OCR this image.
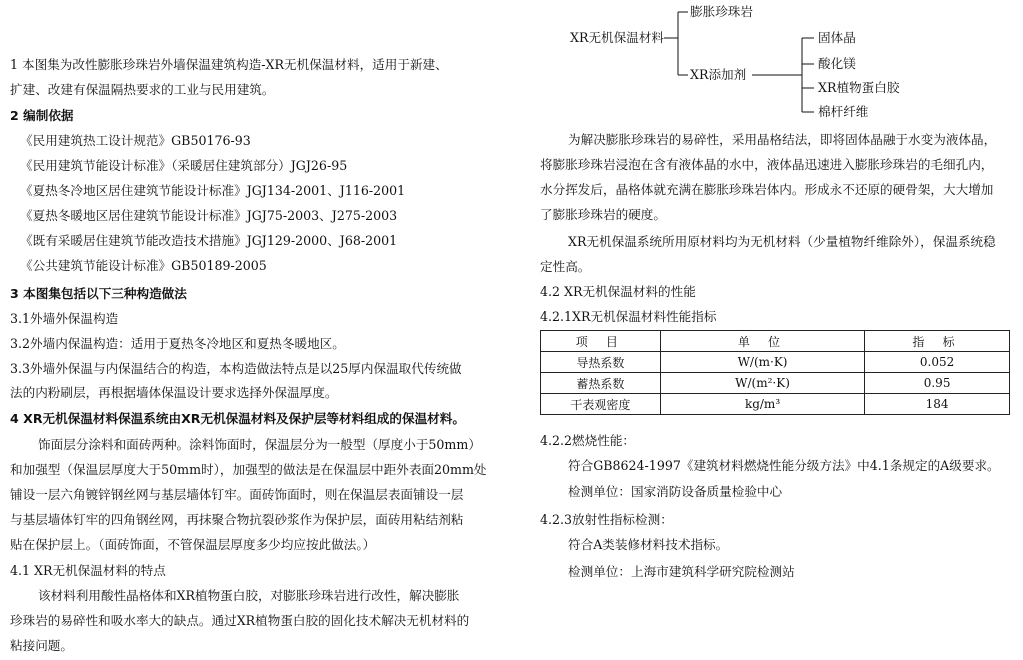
1 本图集为改性膨胀珍珠岩外墙保温建筑构造-XR无机保温材料，适用于新建、
扩建、改建有保温隔热要求的工业与民用建筑。
2 编制依据
《民用建筑热工设计规范》GB50176-93
《民用建筑节能设计标准》（采暖居住建筑部分）JGJ26-95
《夏热冬冷地区居住建筑节能设计标准》JGJ134-2001、J116-2001
《夏热冬暖地区居住建筑节能设计标准》JGJ75-2003、J275-2003
《既有采暖居住建筑节能改造技术措施》JGJ129-2000、J68-2001
《公共建筑节能设计标准》GB50189-2005
3 本图集包括以下三种构造做法
3.1外墙外保温构造
3.2外墙内保温构造：适用于夏热冬冷地区和夏热冬暖地区。
3.3外墙外保温与内保温结合的构造，本构造做法特点是以25厚内保温取代传统做
法的内粉刷层，再根据墙体保温设计要求选择外保温厚度。
4 XR无机保温材料保温系统由XR无机保温材料及保护层等材料组成的保温材料。
饰面层分涂料和面砖两种。涂料饰面时，保温层分为一般型（厚度小于50mm）
和加强型（保温层厚度大于50mm时），加强型的做法是在保温层中距外表面20mm处
铺设一层六角镀锌钢丝网与基层墙体钉牢。面砖饰面时，则在保温层表面铺设一层
与基层墙体钉牢的四角钢丝网，再抹聚合物抗裂砂浆作为保护层，面砖用粘结剂粘
贴在保护层上。（面砖饰面，不管保温层厚度多少均应按此做法。）
4.1 XR无机保温材料的特点
该材料利用酸性晶格体和XR植物蛋白胶，对膨胀珍珠岩进行改性，解决膨胀
珍珠岩的易碎性和吸水率大的缺点。通过XR植物蛋白胶的固化技术解决无机材料的
粘接问题。
XR无机保温材料
膨胀珍珠岩
XR添加剂
固体晶
酸化镁
XR植物蛋白胶
棉杆纤维
为解决膨胀珍珠岩的易碎性，采用晶格结法，即将固体晶融于水变为液体晶，
将膨胀珍珠岩浸泡在含有液体晶的水中，液体晶迅速进入膨胀珍珠岩的毛细孔内，
水分挥发后，晶格体就充满在膨胀珍珠岩体内。形成永不还原的硬骨架，大大增加
了膨胀珍珠岩的硬度。
XR无机保温系统所用原材料均为无机材料（少量植物纤维除外），保温系统稳
定性高。
4.2 XR无机保温材料的性能
4.2.1XR无机保温材料性能指标
项 目	单 位	指 标
导热系数	W/(m·K)	0.052
蓄热系数	W/(m²·K)	0.95
干表观密度	kg/m³	184
4.2.2燃烧性能：
符合GB8624-1997《建筑材料燃烧性能分级方法》中4.1条规定的A级要求。
检测单位：国家消防设备质量检验中心
4.2.3放射性指标检测：
符合A类装修材料技术指标。
检测单位：上海市建筑科学研究院检测站
